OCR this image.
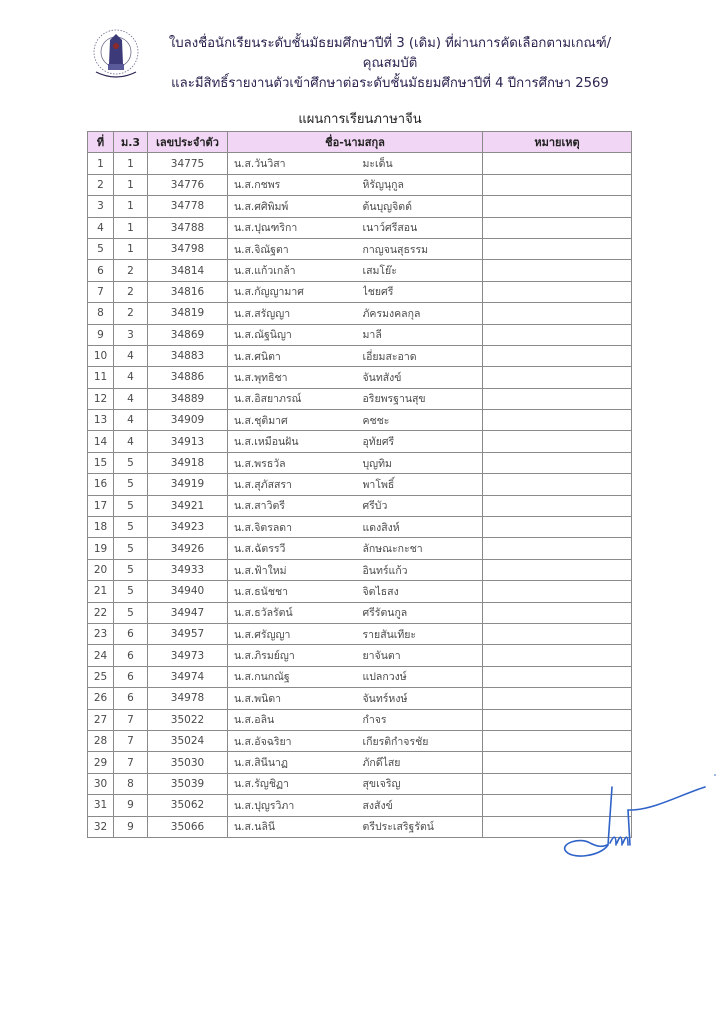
ใบลงชื่อนักเรียนระดับชั้นมัธยมศึกษาปีที่ 3 (เดิม) ที่ผ่านการคัดเลือกตามเกณฑ์/คุณสมบัติ
และมีสิทธิ์รายงานตัวเข้าศึกษาต่อระดับชั้นมัธยมศึกษาปีที่ 4 ปีการศึกษา 2569
แผนการเรียนภาษาจีน
ที่	ม.3	เลขประจำตัว	ชื่อ-นามสกุล		หมายเหตุ
1	1	34775	น.ส.วันวิสา	มะเด็น	
2	1	34776	น.ส.กชพร	หิรัญนุกูล	
3	1	34778	น.ส.ศศิพิมพ์	ต้นบุญจิตต์	
4	1	34788	น.ส.ปุณฑริกา	เนาว์ศรีสอน	
5	1	34798	น.ส.จิณัฐตา	กาญจนสุธรรม	
6	2	34814	น.ส.แก้วเกล้า	เสมโย๊ะ	
7	2	34816	น.ส.กัญญามาศ	ไชยศรี	
8	2	34819	น.ส.สรัญญา	ภัครมงคลกุล	
9	3	34869	น.ส.ณัฐนิญา	มาลี	
10	4	34883	น.ส.ศนิตา	เอี่ยมสะอาด	
11	4	34886	น.ส.พุทธิชา	จันทสังข์	
12	4	34889	น.ส.อิสยาภรณ์	อริยพรฐานสุข	
13	4	34909	น.ส.ชุติมาศ	คชชะ	
14	4	34913	น.ส.เหมือนฝัน	อุทัยศรี	
15	5	34918	น.ส.พรธวัล	บุญทิม	
16	5	34919	น.ส.สุภัสสรา	พาโพธิ์	
17	5	34921	น.ส.สาวิตรี	ศรีบัว	
18	5	34923	น.ส.จิตรลดา	แดงสิงห์	
19	5	34926	น.ส.ฉัตรรวี	ลักษณะกะชา	
20	5	34933	น.ส.ฟ้าใหม่	อินทร์แก้ว	
21	5	34940	น.ส.ธนัชชา	จิตไธสง	
22	5	34947	น.ส.ธวัลรัตน์	ศรีรัตนกูล	
23	6	34957	น.ส.ศรัญญา	รายสันเทียะ	
24	6	34973	น.ส.ภิรมย์ญา	ยาจันตา	
25	6	34974	น.ส.กนกณัฐ	แปลกวงษ์	
26	6	34978	น.ส.พนิดา	จันทร์หงษ์	
27	7	35022	น.ส.อลิน	กำจร	
28	7	35024	น.ส.อัจฉริยา	เกียรติกำจรชัย	
29	7	35030	น.ส.สินีนาฏ	ภักดีไสย	
30	8	35039	น.ส.รัญชิฏา	สุขเจริญ	
31	9	35062	น.ส.ปุญรวิภา	สงสังข์	
32	9	35066	น.ส.นลินี	ตรีประเสริฐรัตน์	
